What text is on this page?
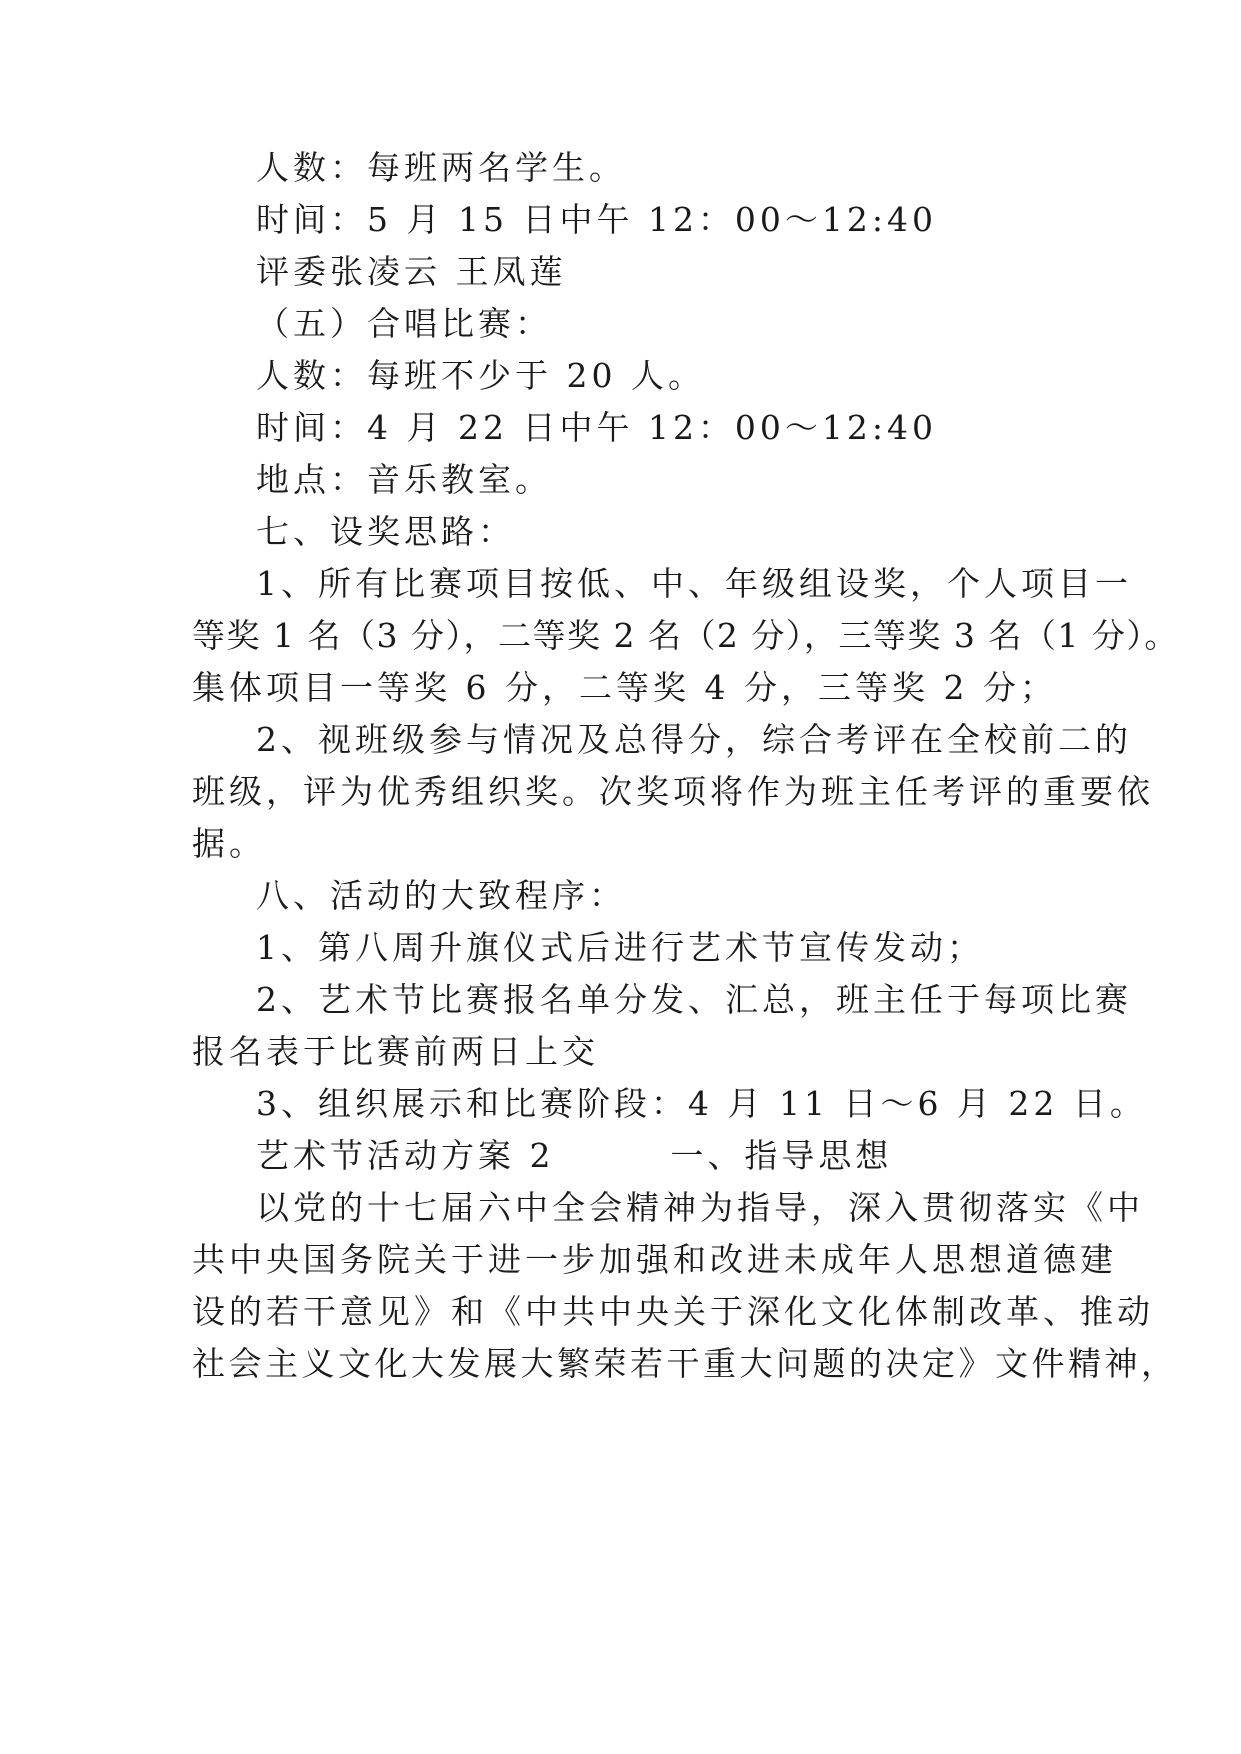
人数：每班两名学生。
时间：5 月 15 日中午 12：00～12:40
评委张凌云 王凤莲
（五）合唱比赛：
人数：每班不少于 20 人。
时间：4 月 22 日中午 12：00～12:40
地点：音乐教室。
七、设奖思路：
1、所有比赛项目按低、中、年级组设奖，个人项目一
等奖 1 名（3 分），二等奖 2 名（2 分），三等奖 3 名（1 分）。
集体项目一等奖 6 分，二等奖 4 分，三等奖 2 分；
2、视班级参与情况及总得分，综合考评在全校前二的
班级，评为优秀组织奖。次奖项将作为班主任考评的重要依
据。
八、活动的大致程序：
1、第八周升旗仪式后进行艺术节宣传发动；
2、艺术节比赛报名单分发、汇总，班主任于每项比赛
报名表于比赛前两日上交
3、组织展示和比赛阶段：4 月 11 日～6 月 22 日。
艺术节活动方案 2        一、指导思想
以党的十七届六中全会精神为指导，深入贯彻落实《中
共中央国务院关于进一步加强和改进未成年人思想道德建
设的若干意见》和《中共中央关于深化文化体制改革、推动
社会主义文化大发展大繁荣若干重大问题的决定》文件精神，
